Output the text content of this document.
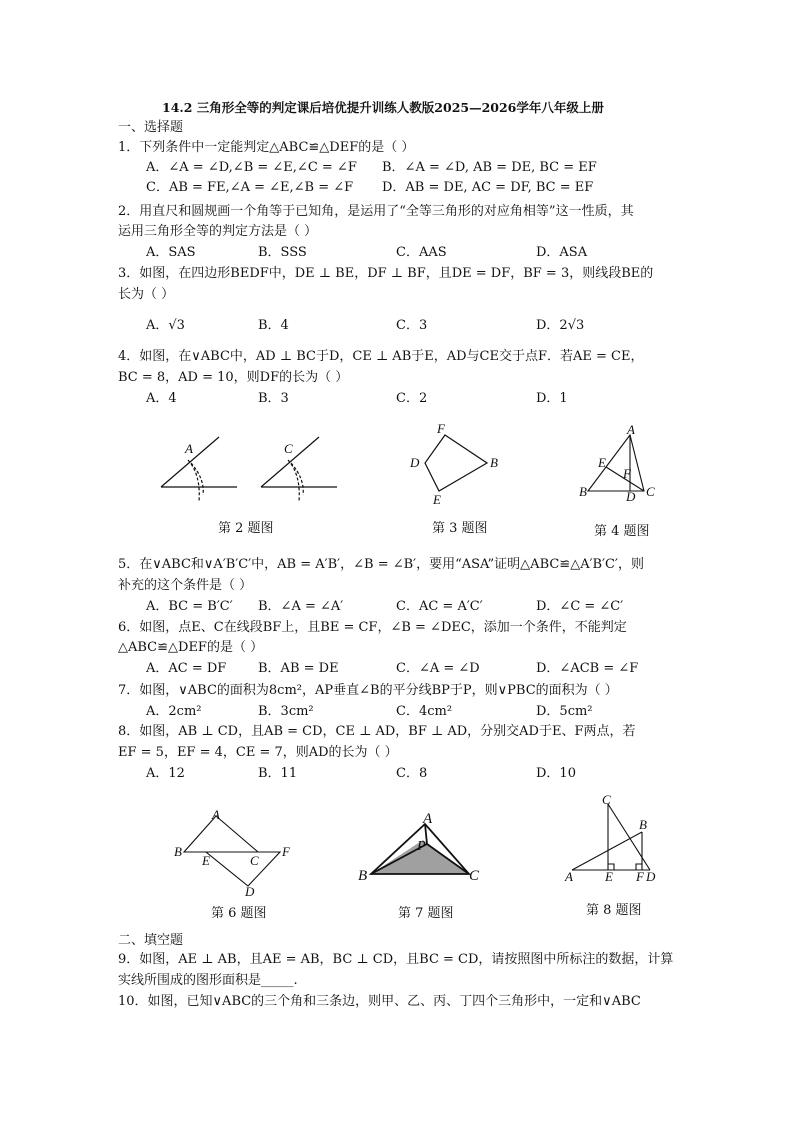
14.2 三角形全等的判定课后培优提升训练人教版2025—2026学年八年级上册
一、选择题
1．下列条件中一定能判定△ABC≌△DEF的是（ ）
A．∠A = ∠D,∠B = ∠E,∠C = ∠F B．∠A = ∠D, AB = DE, BC = EF
C．AB = FE,∠A = ∠E,∠B = ∠F D．AB = DE, AC = DF, BC = EF
2．用直尺和圆规画一个角等于已知角，是运用了“全等三角形的对应角相等”这一性质，其
运用三角形全等的判定方法是（ ）
A．SAS	B．SSS	C．AAS	D．ASA
3．如图，在四边形BEDF中，DE ⊥ BE，DF ⊥ BF，且DE = DF，BF = 3，则线段BE的
长为（ ）
A．√3	B．4	C．3	D．2√3
4．如图，在∨ABC中，AD ⊥ BC于D，CE ⊥ AB于E，AD与CE交于点F．若AE = CE，
BC = 8，AD = 10，则DF的长为（ ）
A．4	B．3	C．2	D．1
A	C
第 2 题图
F
D	B
E
第 3 题图
A
E
F
B	D C
第 4 题图
5．在∨ABC和∨A′B′C′中，AB = A′B′，∠B = ∠B′，要用“ASA”证明△ABC≌△A′B′C′，则
补充的这个条件是（ ）
A．BC = B′C′ B．∠A = ∠A′	C．AC = A′C′	D．∠C = ∠C′
6．如图，点E、C在线段BF上，且BE = CF，∠B = ∠DEC，添加一个条件，不能判定
△ABC≌△DEF的是（ ）
A．AC = DF B．AB = DE	C．∠A = ∠D	D．∠ACB = ∠F
7．如图，∨ABC的面积为8cm²，AP垂直∠B的平分线BP于P，则∨PBC的面积为（ ）
A．2cm²	B．3cm²	C．4cm²	D．5cm²
8．如图，AB ⊥ CD，且AB = CD，CE ⊥ AD，BF ⊥ AD，分别交AD于E、F两点，若
EF = 5，EF = 4，CE = 7，则AD的长为（ ）
A．12	B．11	C．8	D．10
A
B
E	C
F
D
第 6 题图
A
P
B	C
第 7 题图
C
B
A E F D
第 8 题图
二、填空题
9．如图，AE ⊥ AB，且AE = AB，BC ⊥ CD，且BC = CD，请按照图中所标注的数据，计算
实线所围成的图形面积是_____.
10．如图，已知∨ABC的三个角和三条边，则甲、乙、丙、丁四个三角形中，一定和∨ABC
